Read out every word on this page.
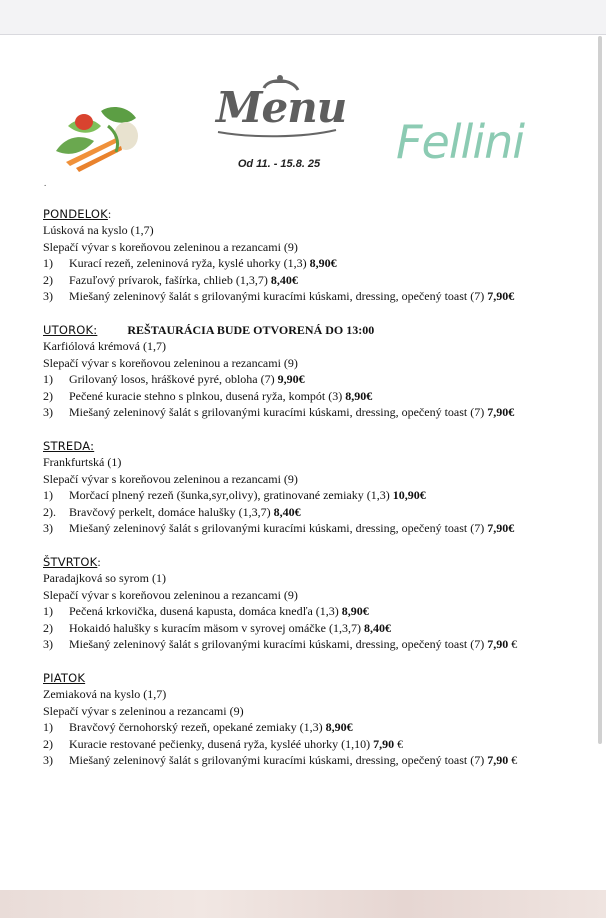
Menu
Od 11. - 15.8. 25	Fellini
.
PONDELOK:
Lúsková na kyslo (1,7)
Slepačí vývar s koreňovou zeleninou a rezancami (9)
1) Kurací rezeň, zeleninová ryža, kyslé uhorky (1,3) 8,90€
2) Fazuľový prívarok, fašírka, chlieb (1,3,7) 8,40€
3) Miešaný zeleninový šalát s grilovanými kuracími kúskami, dressing, opečený toast (7) 7,90€
UTOROK:	REŠTAURÁCIA BUDE OTVORENÁ DO 13:00
Karfiólová krémová (1,7)
Slepačí vývar s koreňovou zeleninou a rezancami (9)
1) Grilovaný losos, hráškové pyré, obloha (7) 9,90€
2) Pečené kuracie stehno s plnkou, dusená ryža, kompót (3) 8,90€
3) Miešaný zeleninový šalát s grilovanými kuracími kúskami, dressing, opečený toast (7) 7,90€
STREDA:
Frankfurtská (1)
Slepačí vývar s koreňovou zeleninou a rezancami (9)
1) Morčací plnený rezeň (šunka,syr,olivy), gratinované zemiaky (1,3) 10,90€
2). Bravčový perkelt, domáce halušky (1,3,7) 8,40€
3) Miešaný zeleninový šalát s grilovanými kuracími kúskami, dressing, opečený toast (7) 7,90€
ŠTVRTOK:
Paradajková so syrom (1)
Slepačí vývar s koreňovou zeleninou a rezancami (9)
1) Pečená krkovička, dusená kapusta, domáca knedľa (1,3) 8,90€
2) Hokaidó halušky s kuracím mäsom v syrovej omáčke (1,3,7) 8,40€
3) Miešaný zeleninový šalát s grilovanými kuracími kúskami, dressing, opečený toast (7) 7,90 €
PIATOK
Zemiaková na kyslo (1,7)
Slepačí vývar s zeleninou a rezancami (9)
1) Bravčový černohorský rezeň, opekané zemiaky (1,3) 8,90€
2) Kuracie restované pečienky, dusená ryža, kysléé uhorky (1,10) 7,90 €
3) Miešaný zeleninový šalát s grilovanými kuracími kúskami, dressing, opečený toast (7) 7,90 €
